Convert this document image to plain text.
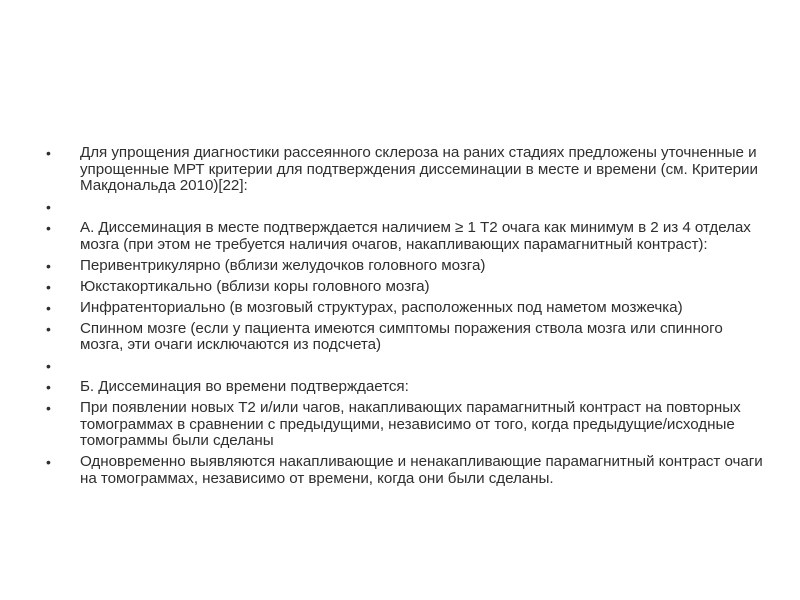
•	Для упрощения диагностики рассеянного склероза на раних стадиях предложены уточненные и упрощенные МРТ критерии для подтверждения диссеминации в месте и времени (см. Критерии Макдональда 2010)[22]:
•
•	А. Диссеминация в месте подтверждается наличием ≥ 1 Т2 очага как минимум в 2 из 4 отделах мозга (при этом не требуется наличия очагов, накапливающих парамагнитный контраст):
•	Перивентрикулярно (вблизи желудочков головного мозга)
•	Юкстакортикально (вблизи коры головного мозга)
•	Инфратенториально (в мозговый структурах, расположенных под наметом мозжечка)
•	Спинном мозге (если у пациента имеются симптомы поражения ствола мозга или спинного мозга, эти очаги исключаются из подсчета)
•
•	Б. Диссеминация во времени подтверждается:
•	При появлении новых Т2 и/или чагов, накапливающих парамагнитный контраст на повторных томограммах в сравнении с предыдущими, независимо от того, когда предыдущие/исходные томограммы были сделаны
•	Одновременно выявляются накапливающие и ненакапливающие парамагнитный контраст очаги на томограммах, независимо от времени, когда они были сделаны.
